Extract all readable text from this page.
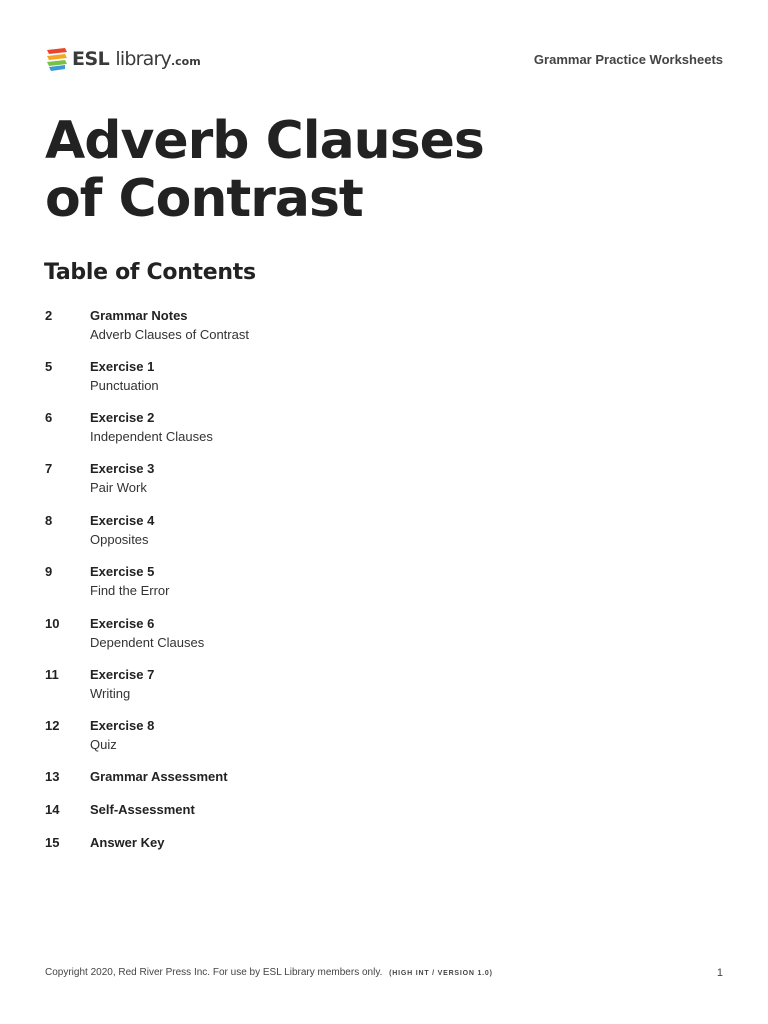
ESL library.com	Grammar Practice Worksheets
Adverb Clauses
of Contrast
Table of Contents
2	Grammar Notes
Adverb Clauses of Contrast
5	Exercise 1
Punctuation
6	Exercise 2
Independent Clauses
7	Exercise 3
Pair Work
8	Exercise 4
Opposites
9	Exercise 5
Find the Error
10 Exercise 6
Dependent Clauses
11 Exercise 7
Writing
12 Exercise 8
Quiz
13 Grammar Assessment
14 Self-Assessment
15 Answer Key
Copyright 2020, Red River Press Inc. For use by ESL Library members only. (HIGH INT / VERSION 1.0)	1
